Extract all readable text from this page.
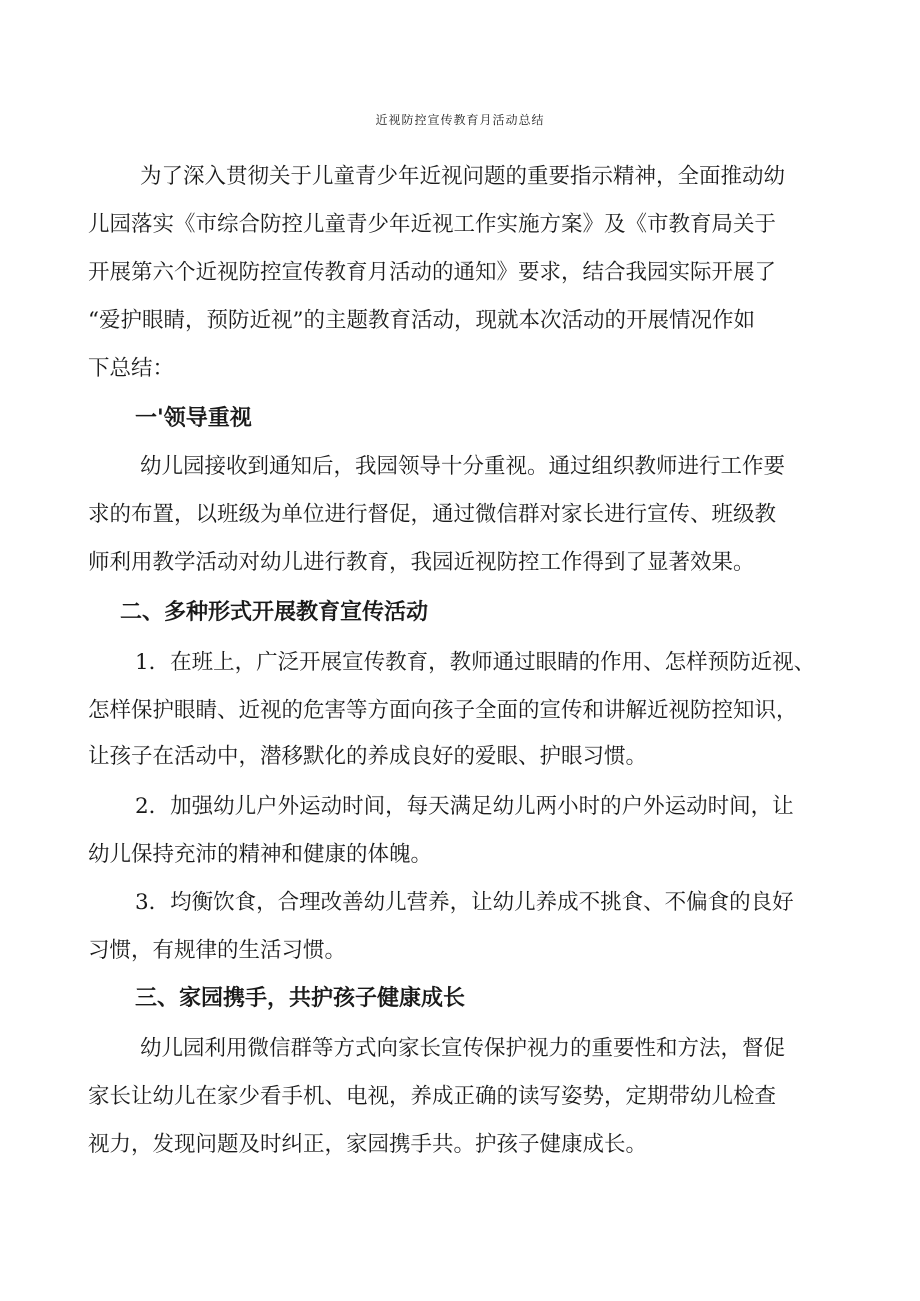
近视防控宣传教育月活动总结

为了深入贯彻关于儿童青少年近视问题的重要指示精神，全面推动幼

儿园落实《市综合防控儿童青少年近视工作实施方案》及《市教育局关于

开展第六个近视防控宣传教育月活动的通知》要求，结合我园实际开展了

“爱护眼睛，预防近视”的主题教育活动，现就本次活动的开展情况作如

下总结：

一'领导重视

幼儿园接收到通知后，我园领导十分重视。通过组织教师进行工作要

求的布置，以班级为单位进行督促，通过微信群对家长进行宣传、班级教

师利用教学活动对幼儿进行教育，我园近视防控工作得到了显著效果。

二、多种形式开展教育宣传活动

1．在班上，广泛开展宣传教育，教师通过眼睛的作用、怎样预防近视、

怎样保护眼睛、近视的危害等方面向孩子全面的宣传和讲解近视防控知识，

让孩子在活动中，潜移默化的养成良好的爱眼、护眼习惯。

2．加强幼儿户外运动时间，每天满足幼儿两小时的户外运动时间，让

幼儿保持充沛的精神和健康的体魄。

3．均衡饮食，合理改善幼儿营养，让幼儿养成不挑食、不偏食的良好

习惯，有规律的生活习惯。

三、家园携手，共护孩子健康成长

幼儿园利用微信群等方式向家长宣传保护视力的重要性和方法，督促

家长让幼儿在家少看手机、电视，养成正确的读写姿势，定期带幼儿检查

视力，发现问题及时纠正，家园携手共。护孩子健康成长。
